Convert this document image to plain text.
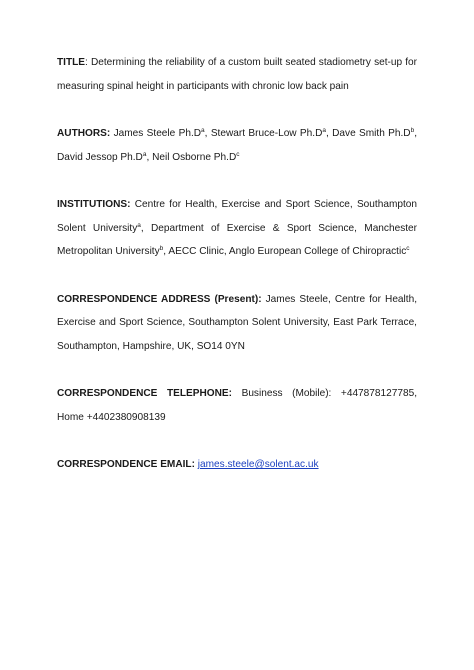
TITLE: Determining the reliability of a custom built seated stadiometry set-up for measuring spinal height in participants with chronic low back pain

AUTHORS: James Steele $Ph.D^a$, Stewart Bruce-Low $Ph.D^a$, Dave Smith $Ph.D^b$, David Jessop $Ph.D^a$, Neil Osborne $Ph.D^c$

INSTITUTIONS: Centre for Health, Exercise and Sport Science, Southampton Solent University$^a$, Department of Exercise & Sport Science, Manchester Metropolitan University$^b$, AECC Clinic, Anglo European College of Chiropractic$^c$

CORRESPONDENCE ADDRESS (Present): James Steele, Centre for Health, Exercise and Sport Science, Southampton Solent University, East Park Terrace, Southampton, Hampshire, UK, SO14 0YN

CORRESPONDENCE TELEPHONE: Business (Mobile): +447878127785, Home +4402380908139

CORRESPONDENCE EMAIL: james.steele@solent.ac.uk
